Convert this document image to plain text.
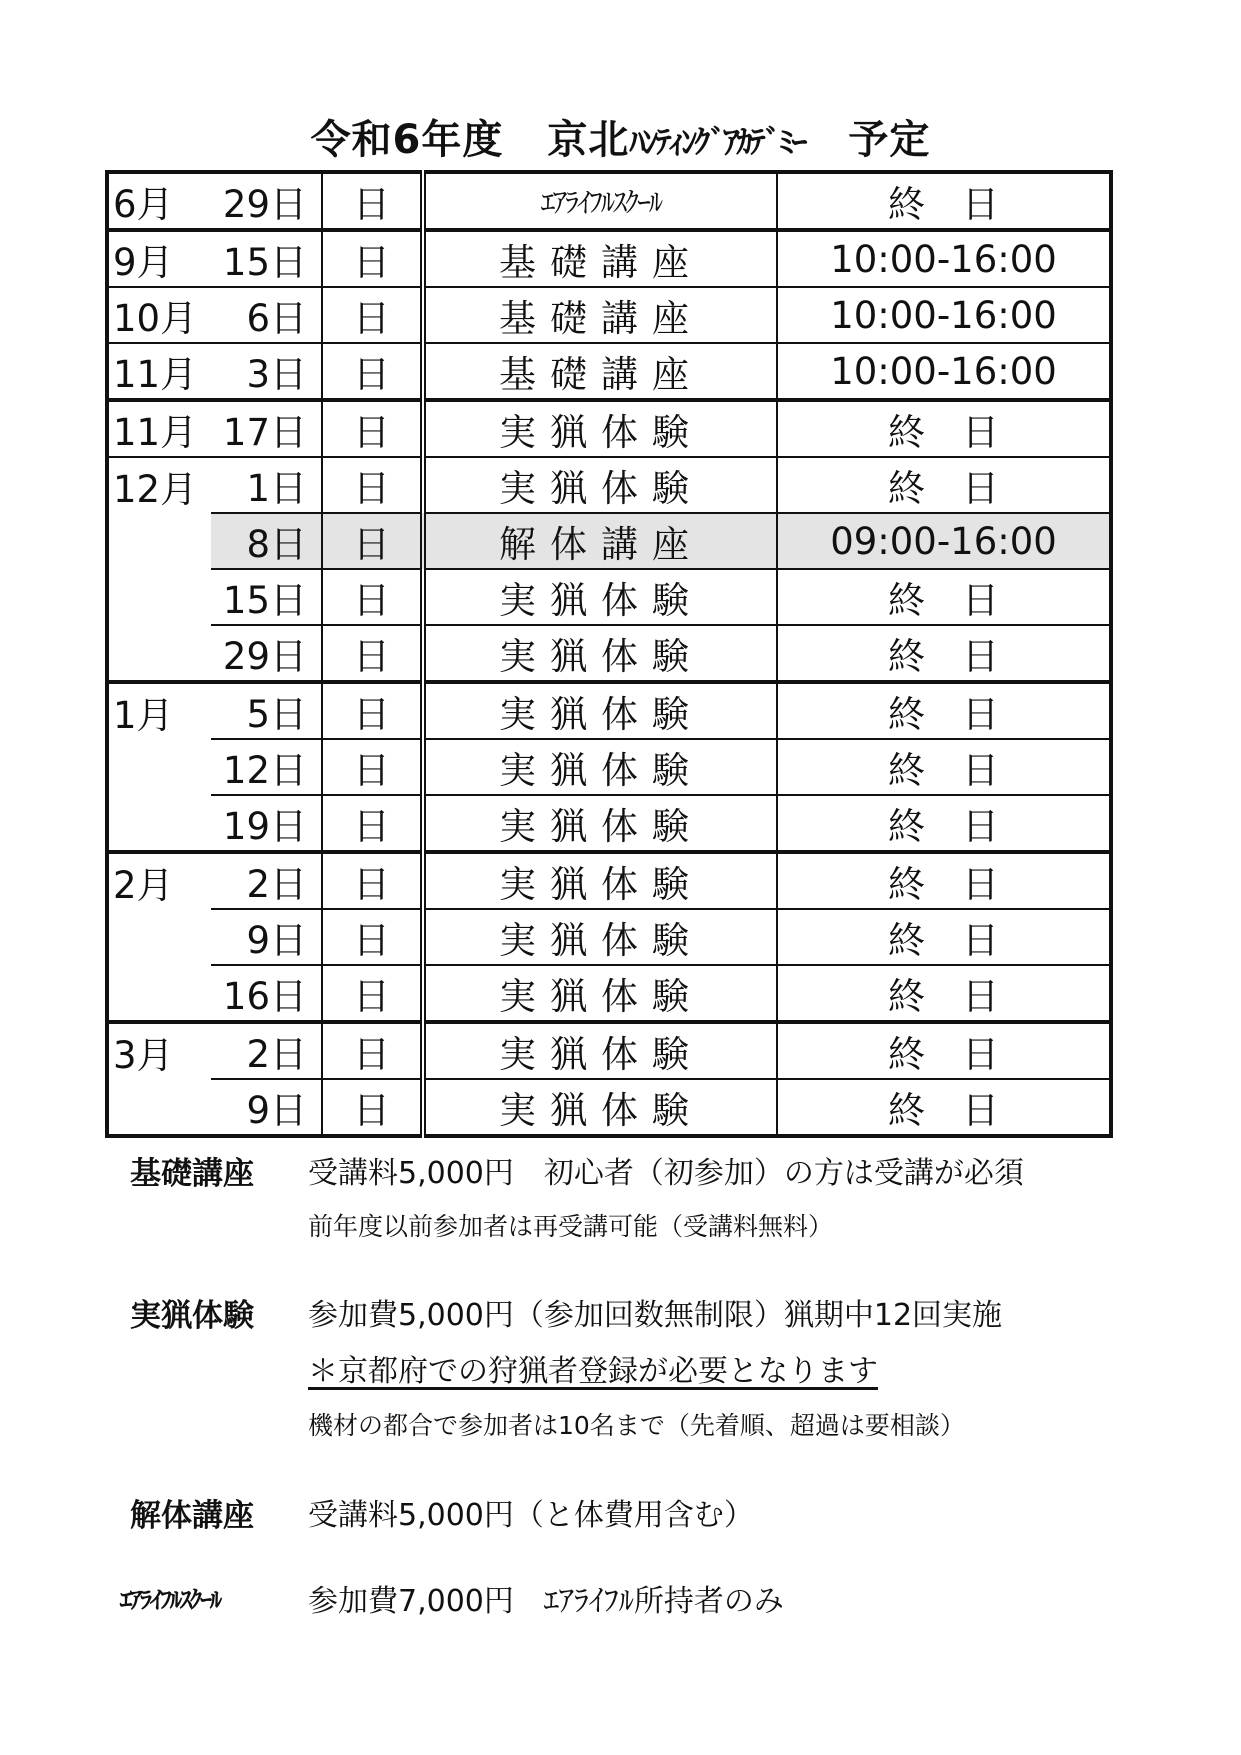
令和6年度 京北ﾊﾝﾃｨﾝｸﾞｱｶﾃﾞﾐｰ 予定
6月	29日	日	ｴｱﾗｲﾌﾙｽｸｰﾙ	終　日
9月	15日	日	基礎講座	10:00-16:00
10月	6日	日	基礎講座	10:00-16:00
11月	3日	日	基礎講座	10:00-16:00
11月	17日	日	実猟体験	終　日
12月	1日	日	実猟体験	終　日
	8日	日	解体講座	09:00-16:00
	15日	日	実猟体験	終　日
	29日	日	実猟体験	終　日
1月	5日	日	実猟体験	終　日
	12日	日	実猟体験	終　日
	19日	日	実猟体験	終　日
2月	2日	日	実猟体験	終　日
	9日	日	実猟体験	終　日
	16日	日	実猟体験	終　日
3月	2日	日	実猟体験	終　日
	9日	日	実猟体験	終　日
基礎講座 受講料5,000円　初心者（初参加）の方は受講が必須
前年度以前参加者は再受講可能（受講料無料）
実猟体験 参加費5,000円（参加回数無制限）猟期中12回実施
＊京都府での狩猟者登録が必要となります
機材の都合で参加者は10名まで（先着順、超過は要相談）
解体講座 受講料5,000円（と体費用含む）
ｴｱﾗｲﾌﾙｽｸｰﾙ	参加費7,000円　ｴｱﾗｲﾌﾙ所持者のみ
